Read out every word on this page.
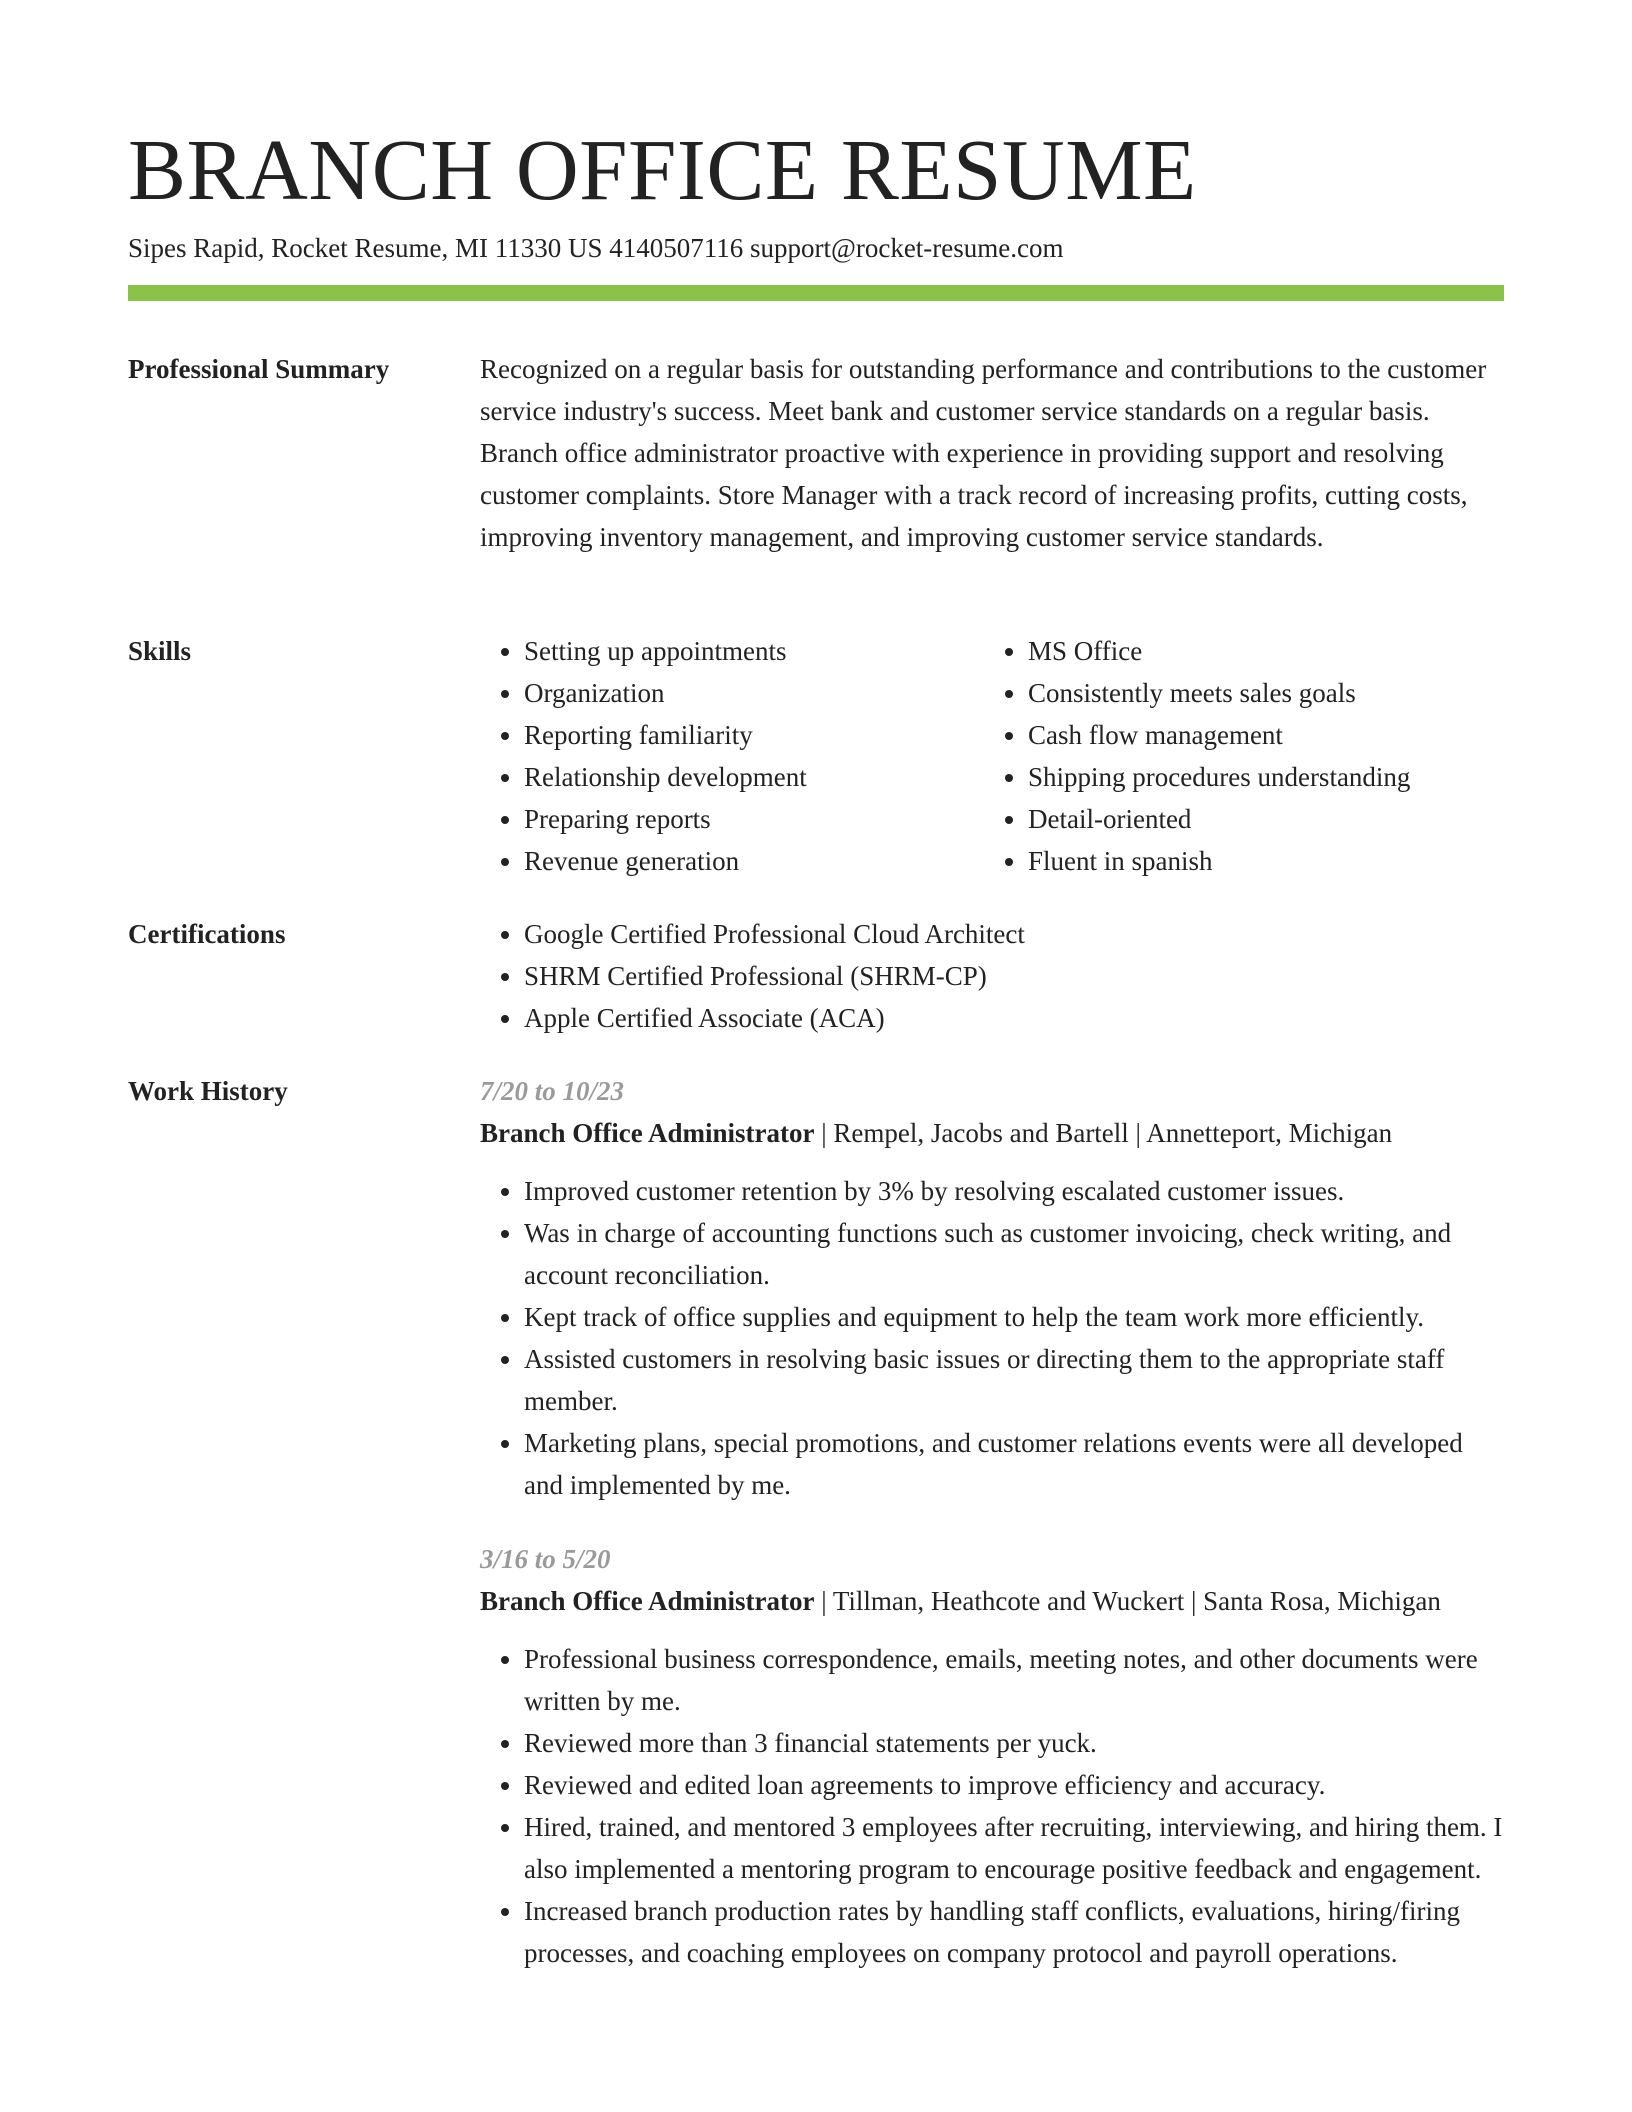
BRANCH OFFICE RESUME
Sipes Rapid, Rocket Resume, MI 11330 US 4140507116 support@rocket-resume.com
Professional Summary	Recognized on a regular basis for outstanding performance and contributions to the customer service industry's success. Meet bank and customer service standards on a regular basis. Branch office administrator proactive with experience in providing support and resolving customer complaints. Store Manager with a track record of increasing profits, cutting costs, improving inventory management, and improving customer service standards.

Skills	• Setting up appointments
• Organization
• Reporting familiarity
• Relationship development
• Preparing reports
• Revenue generation
• MS Office
• Consistently meets sales goals
• Cash flow management
• Shipping procedures understanding
• Detail-oriented
• Fluent in spanish
Certifications	• Google Certified Professional Cloud Architect
• SHRM Certified Professional (SHRM-CP)
• Apple Certified Associate (ACA)
Work History	7/20 to 10/23
Branch Office Administrator | Rempel, Jacobs and Bartell | Annetteport, Michigan
• Improved customer retention by 3% by resolving escalated customer issues.
• Was in charge of accounting functions such as customer invoicing, check writing, and account reconciliation.
• Kept track of office supplies and equipment to help the team work more efficiently.
• Assisted customers in resolving basic issues or directing them to the appropriate staff member.
• Marketing plans, special promotions, and customer relations events were all developed and implemented by me.
3/16 to 5/20
Branch Office Administrator | Tillman, Heathcote and Wuckert | Santa Rosa, Michigan
• Professional business correspondence, emails, meeting notes, and other documents were written by me.
• Reviewed more than 3 financial statements per yuck.
• Reviewed and edited loan agreements to improve efficiency and accuracy.
• Hired, trained, and mentored 3 employees after recruiting, interviewing, and hiring them. I also implemented a mentoring program to encourage positive feedback and engagement.
• Increased branch production rates by handling staff conflicts, evaluations, hiring/firing processes, and coaching employees on company protocol and payroll operations.
